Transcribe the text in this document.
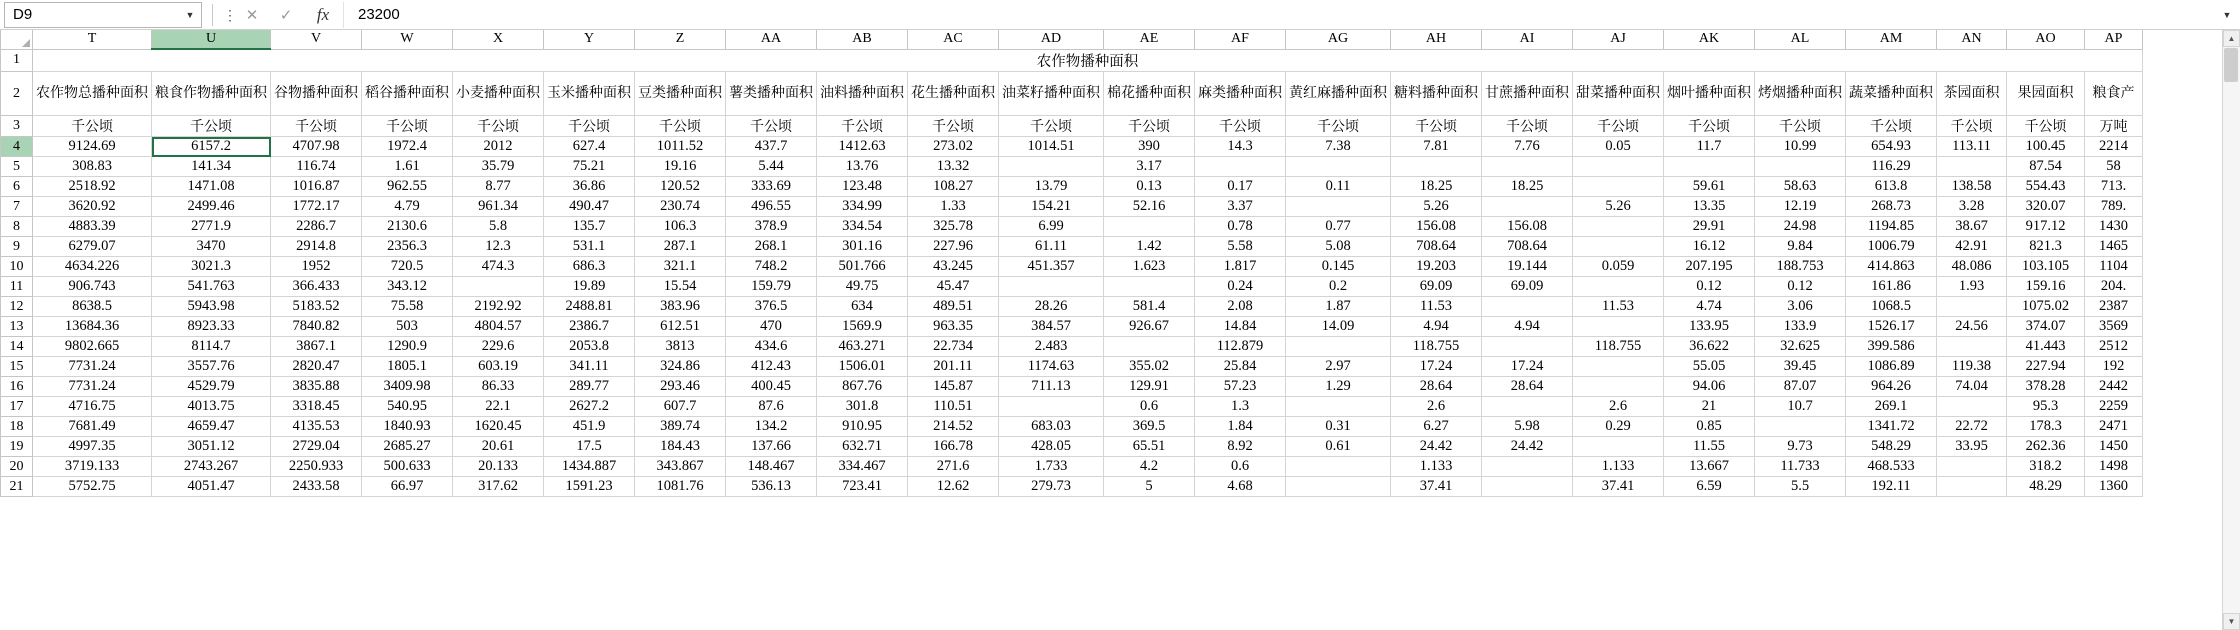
D9	▼	⋮ ✕	✓	fx	23200	▼
	T	U	V	W	X	Y	Z	AA	AB	AC	AD	AE	AF	AG	AH	AI	AJ	AK	AL	AM	AN	AO	AP
1	农作物播种面积																						
2	农作物总播种面积	粮食作物播种面积	谷物播种面积	稻谷播种面积	小麦播种面积	玉米播种面积	豆类播种面积	薯类播种面积	油料播种面积	花生播种面积	油菜籽播种面积	棉花播种面积	麻类播种面积	黄红麻播种面积	糖料播种面积	甘蔗播种面积	甜菜播种面积	烟叶播种面积	烤烟播种面积	蔬菜播种面积	茶园面积	果园面积	粮食产
3	千公顷	千公顷	千公顷	千公顷	千公顷	千公顷	千公顷	千公顷	千公顷	千公顷	千公顷	千公顷	千公顷	千公顷	千公顷	千公顷	千公顷	千公顷	千公顷	千公顷	千公顷	千公顷	万吨
4	9124.69	6157.2	4707.98	1972.4	2012	627.4	1011.52	437.7	1412.63	273.02	1014.51	390	14.3	7.38	7.81	7.76	0.05	11.7	10.99	654.93	113.11	100.45	2214
5	308.83	141.34	116.74	1.61	35.79	75.21	19.16	5.44	13.76	13.32		3.17								116.29		87.54	58
6	2518.92	1471.08	1016.87	962.55	8.77	36.86	120.52	333.69	123.48	108.27	13.79	0.13	0.17	0.11	18.25	18.25		59.61	58.63	613.8	138.58	554.43	713.
7	3620.92	2499.46	1772.17	4.79	961.34	490.47	230.74	496.55	334.99	1.33	154.21	52.16	3.37		5.26		5.26	13.35	12.19	268.73	3.28	320.07	789.
8	4883.39	2771.9	2286.7	2130.6	5.8	135.7	106.3	378.9	334.54	325.78	6.99		0.78	0.77	156.08	156.08		29.91	24.98	1194.85	38.67	917.12	1430
9	6279.07	3470	2914.8	2356.3	12.3	531.1	287.1	268.1	301.16	227.96	61.11	1.42	5.58	5.08	708.64	708.64		16.12	9.84	1006.79	42.91	821.3	1465
10	4634.226	3021.3	1952	720.5	474.3	686.3	321.1	748.2	501.766	43.245	451.357	1.623	1.817	0.145	19.203	19.144	0.059	207.195	188.753	414.863	48.086	103.105	1104
11	906.743	541.763	366.433	343.12		19.89	15.54	159.79	49.75	45.47			0.24	0.2	69.09	69.09		0.12	0.12	161.86	1.93	159.16	204.
12	8638.5	5943.98	5183.52	75.58	2192.92	2488.81	383.96	376.5	634	489.51	28.26	581.4	2.08	1.87	11.53		11.53	4.74	3.06	1068.5		1075.02	2387
13	13684.36	8923.33	7840.82	503	4804.57	2386.7	612.51	470	1569.9	963.35	384.57	926.67	14.84	14.09	4.94	4.94		133.95	133.9	1526.17	24.56	374.07	3569
14	9802.665	8114.7	3867.1	1290.9	229.6	2053.8	3813	434.6	463.271	22.734	2.483		112.879		118.755		118.755	36.622	32.625	399.586		41.443	2512
15	7731.24	3557.76	2820.47	1805.1	603.19	341.11	324.86	412.43	1506.01	201.11	1174.63	355.02	25.84	2.97	17.24	17.24		55.05	39.45	1086.89	119.38	227.94	192
16	7731.24	4529.79	3835.88	3409.98	86.33	289.77	293.46	400.45	867.76	145.87	711.13	129.91	57.23	1.29	28.64	28.64		94.06	87.07	964.26	74.04	378.28	2442
17	4716.75	4013.75	3318.45	540.95	22.1	2627.2	607.7	87.6	301.8	110.51		0.6	1.3		2.6		2.6	21	10.7	269.1		95.3	2259
18	7681.49	4659.47	4135.53	1840.93	1620.45	451.9	389.74	134.2	910.95	214.52	683.03	369.5	1.84	0.31	6.27	5.98	0.29	0.85		1341.72	22.72	178.3	2471
19	4997.35	3051.12	2729.04	2685.27	20.61	17.5	184.43	137.66	632.71	166.78	428.05	65.51	8.92	0.61	24.42	24.42		11.55	9.73	548.29	33.95	262.36	1450
20	3719.133	2743.267	2250.933	500.633	20.133	1434.887	343.867	148.467	334.467	271.6	1.733	4.2	0.6		1.133		1.133	13.667	11.733	468.533		318.2	1498
21	5752.75	4051.47	2433.58	66.97	317.62	1591.23	1081.76	536.13	723.41	12.62	279.73	5	4.68		37.41		37.41	6.59	5.5	192.11		48.29	1360
▲
▼
